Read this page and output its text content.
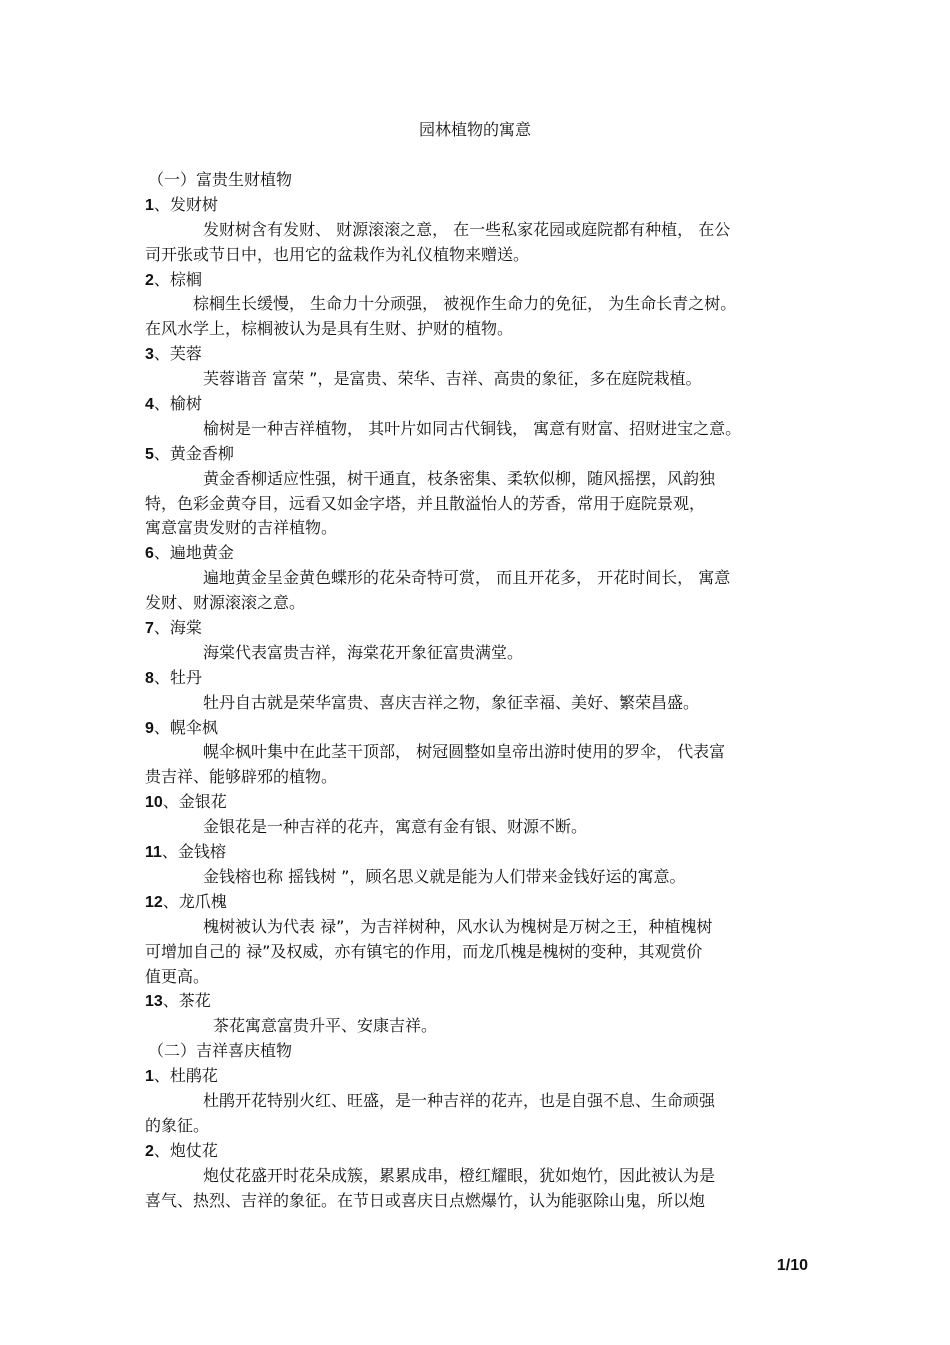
园林植物的寓意
（一）富贵生财植物
1、发财树
发财树含有发财、 财源滚滚之意， 在一些私家花园或庭院都有种植， 在公
司开张或节日中，也用它的盆栽作为礼仪植物来赠送。
2、棕榈
棕榈生长缓慢， 生命力十分顽强， 被视作生命力的免征， 为生命长青之树。
在风水学上，棕榈被认为是具有生财、护财的植物。
3、芙蓉
芙蓉谐音 富荣 ”，是富贵、荣华、吉祥、高贵的象征，多在庭院栽植。
4、榆树
榆树是一种吉祥植物， 其叶片如同古代铜钱， 寓意有财富、招财进宝之意。
5、黄金香柳
黄金香柳适应性强，树干通直，枝条密集、柔软似柳，随风摇摆，风韵独
特，色彩金黄夺目，远看又如金字塔，并且散溢怡人的芳香，常用于庭院景观，
寓意富贵发财的吉祥植物。
6、遍地黄金
遍地黄金呈金黄色蝶形的花朵奇特可赏， 而且开花多， 开花时间长， 寓意
发财、财源滚滚之意。
7、海棠
海棠代表富贵吉祥，海棠花开象征富贵满堂。
8、牡丹
牡丹自古就是荣华富贵、喜庆吉祥之物，象征幸福、美好、繁荣昌盛。
9、幌伞枫
幌伞枫叶集中在此茎干顶部， 树冠圆整如皇帝出游时使用的罗伞， 代表富
贵吉祥、能够辟邪的植物。
10、金银花
金银花是一种吉祥的花卉，寓意有金有银、财源不断。
11、金钱榕
金钱榕也称 摇钱树 ”，顾名思义就是能为人们带来金钱好运的寓意。
12、龙爪槐
槐树被认为代表 禄”，为吉祥树种，风水认为槐树是万树之王，种植槐树
可增加自己的 禄”及权威，亦有镇宅的作用，而龙爪槐是槐树的变种，其观赏价
值更高。
13、茶花
茶花寓意富贵升平、安康吉祥。
（二）吉祥喜庆植物
1、杜鹃花
杜鹃开花特别火红、旺盛，是一种吉祥的花卉，也是自强不息、生命顽强
的象征。
2、炮仗花
炮仗花盛开时花朵成簇，累累成串，橙红耀眼，犹如炮竹，因此被认为是
喜气、热烈、吉祥的象征。在节日或喜庆日点燃爆竹，认为能驱除山鬼，所以炮
1/10
